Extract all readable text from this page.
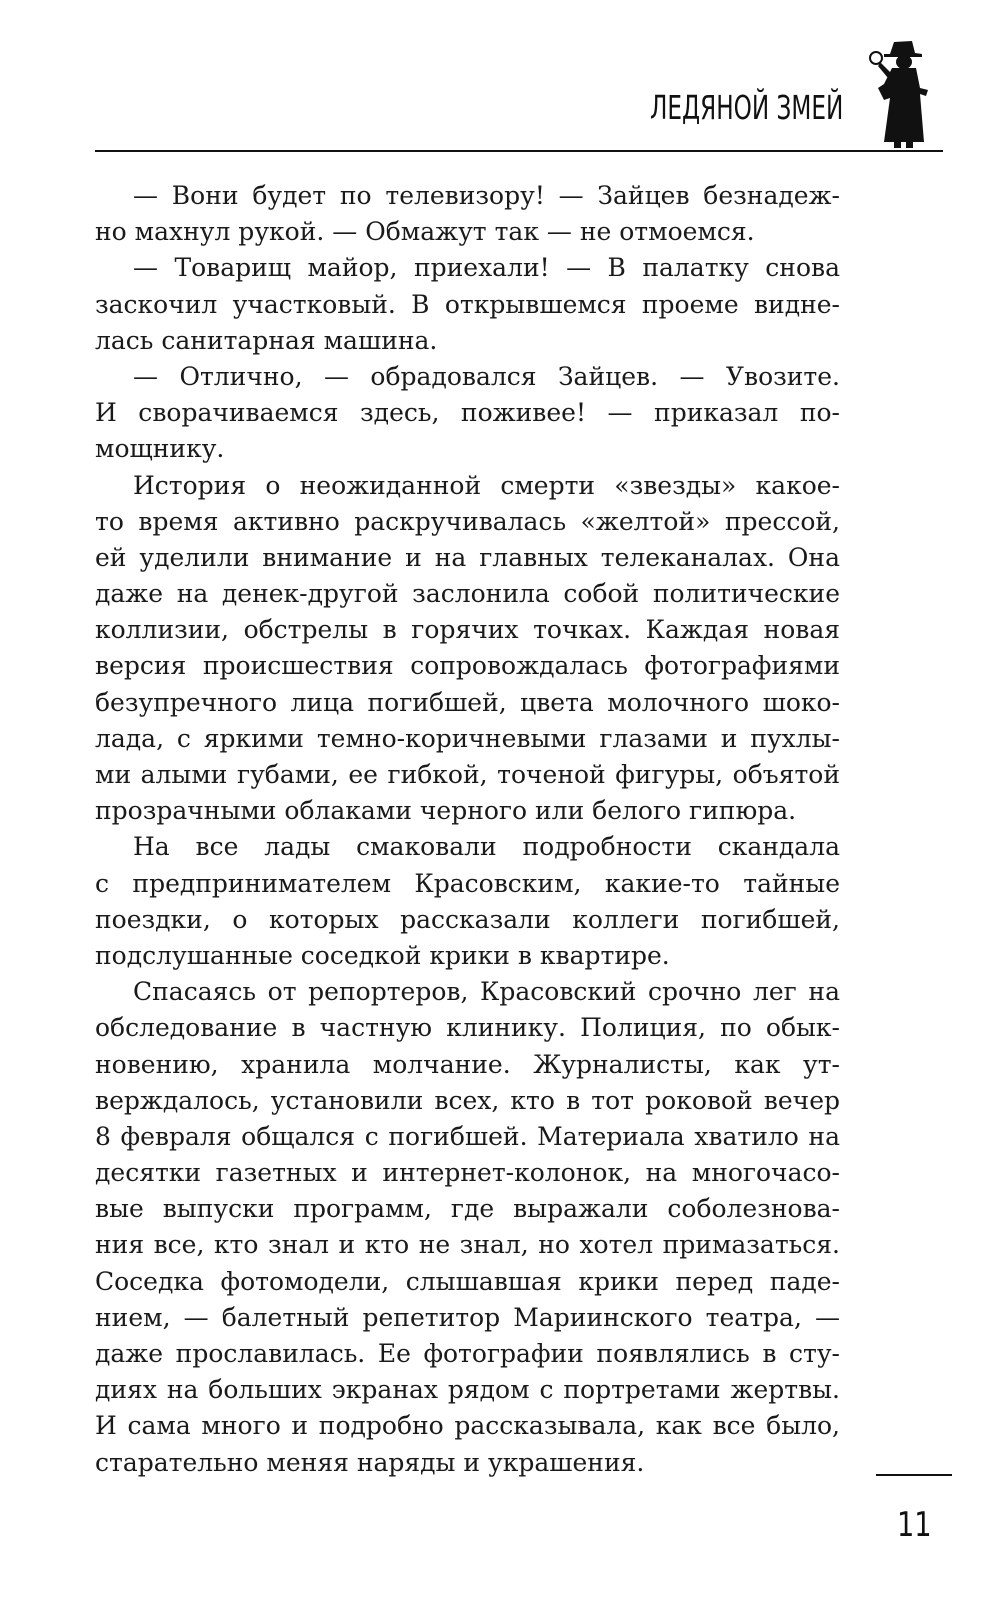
ЛЕДЯНОЙ ЗМЕЙ
— Вони будет по телевизору! — Зайцев безнадеж-
но махнул рукой. — Обмажут так — не отмоемся.
— Товарищ майор, приехали! — В палатку снова
заскочил участковый. В открывшемся проеме видне-
лась санитарная машина.
— Отлично, — обрадовался Зайцев. — Увозите.
И сворачиваемся здесь, поживее! — приказал по-
мощнику.
История о неожиданной смерти «звезды» какое-
то время активно раскручивалась «желтой» прессой,
ей уделили внимание и на главных телеканалах. Она
даже на денек-другой заслонила собой политические
коллизии, обстрелы в горячих точках. Каждая новая
версия происшествия сопровождалась фотографиями
безупречного лица погибшей, цвета молочного шоко-
лада, с яркими темно-коричневыми глазами и пухлы-
ми алыми губами, ее гибкой, точеной фигуры, объятой
прозрачными облаками черного или белого гипюра.
На все лады смаковали подробности скандала
с предпринимателем Красовским, какие-то тайные
поездки, о которых рассказали коллеги погибшей,
подслушанные соседкой крики в квартире.
Спасаясь от репортеров, Красовский срочно лег на
обследование в частную клинику. Полиция, по обык-
новению, хранила молчание. Журналисты, как ут-
верждалось, установили всех, кто в тот роковой вечер
8 февраля общался с погибшей. Материала хватило на
десятки газетных и интернет-колонок, на многочасо-
вые выпуски программ, где выражали соболезнова-
ния все, кто знал и кто не знал, но хотел примазаться.
Соседка фотомодели, слышавшая крики перед паде-
нием, — балетный репетитор Мариинского театра, —
даже прославилась. Ее фотографии появлялись в сту-
диях на больших экранах рядом с портретами жертвы.
И сама много и подробно рассказывала, как все было,
старательно меняя наряды и украшения.
11
